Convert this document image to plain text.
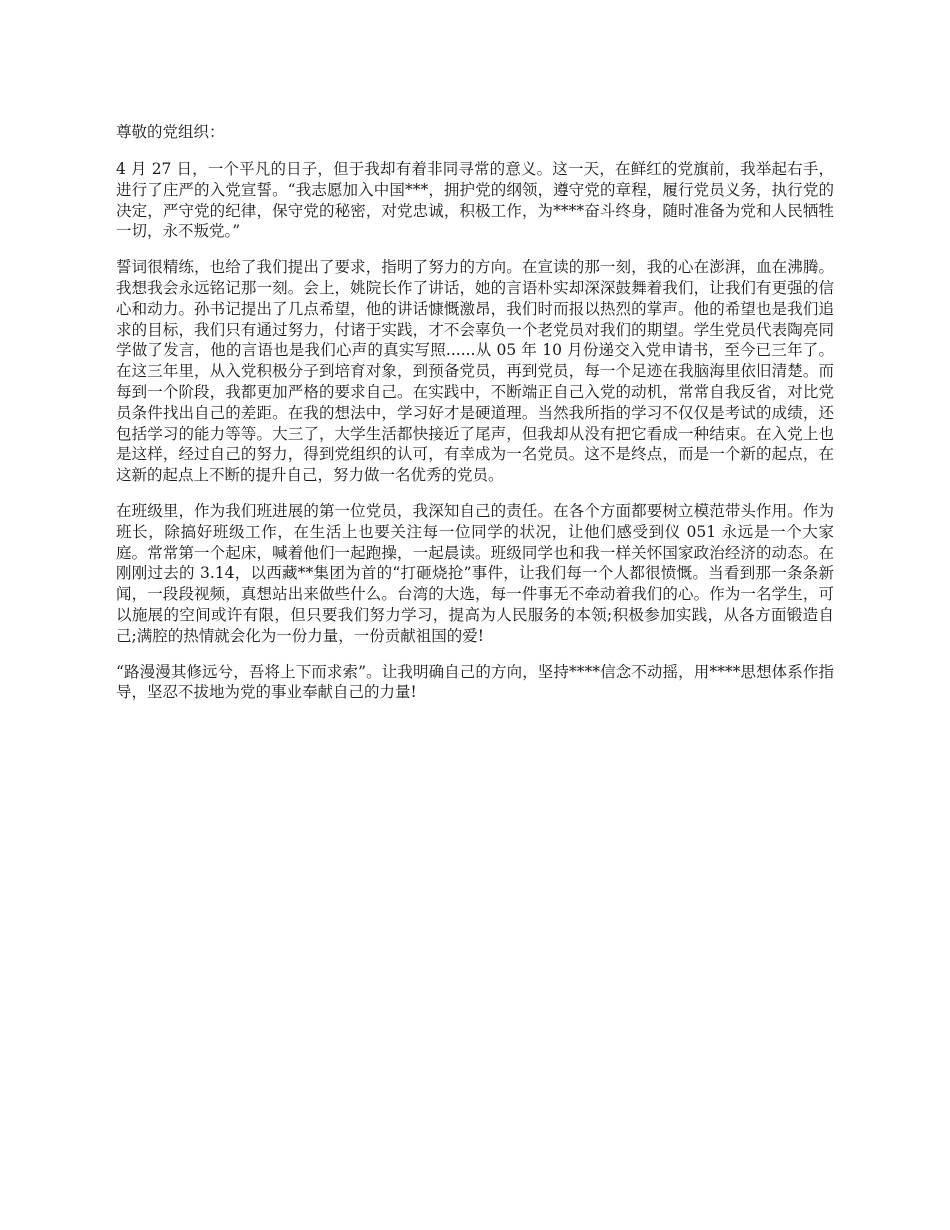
尊敬的党组织：

4 月 27 日，一个平凡的日子，但于我却有着非同寻常的意义。这一天，在鲜红的党旗前，我举起右手，进行了庄严的入党宣誓。“我志愿加入中国***，拥护党的纲领，遵守党的章程，履行党员义务，执行党的决定，严守党的纪律，保守党的秘密，对党忠诚，积极工作，为****奋斗终身，随时准备为党和人民牺牲一切，永不叛党。”

誓词很精练，也给了我们提出了要求，指明了努力的方向。在宣读的那一刻，我的心在澎湃，血在沸腾。我想我会永远铭记那一刻。会上，姚院长作了讲话，她的言语朴实却深深鼓舞着我们，让我们有更强的信心和动力。孙书记提出了几点希望，他的讲话慷慨激昂，我们时而报以热烈的掌声。他的希望也是我们追求的目标，我们只有通过努力，付诸于实践，才不会辜负一个老党员对我们的期望。学生党员代表陶亮同学做了发言，他的言语也是我们心声的真实写照......从 05 年 10 月份递交入党申请书，至今已三年了。在这三年里，从入党积极分子到培育对象，到预备党员，再到党员，每一个足迹在我脑海里依旧清楚。而每到一个阶段，我都更加严格的要求自己。在实践中，不断端正自己入党的动机，常常自我反省，对比党员条件找出自己的差距。在我的想法中，学习好才是硬道理。当然我所指的学习不仅仅是考试的成绩，还包括学习的能力等等。大三了，大学生活都快接近了尾声，但我却从没有把它看成一种结束。在入党上也是这样，经过自己的努力，得到党组织的认可，有幸成为一名党员。这不是终点，而是一个新的起点，在这新的起点上不断的提升自己，努力做一名优秀的党员。

在班级里，作为我们班进展的第一位党员，我深知自己的责任。在各个方面都要树立模范带头作用。作为班长，除搞好班级工作，在生活上也要关注每一位同学的状况，让他们感受到仪 051 永远是一个大家庭。常常第一个起床，喊着他们一起跑操，一起晨读。班级同学也和我一样关怀国家政治经济的动态。在刚刚过去的 3.14，以西藏**集团为首的“打砸烧抢”事件，让我们每一个人都很愤慨。当看到那一条条新闻，一段段视频，真想站出来做些什么。台湾的大选，每一件事无不牵动着我们的心。作为一名学生，可以施展的空间或许有限，但只要我们努力学习，提高为人民服务的本领;积极参加实践，从各方面锻造自己;满腔的热情就会化为一份力量，一份贡献祖国的爱!

“路漫漫其修远兮，吾将上下而求索”。让我明确自己的方向，坚持****信念不动摇，用****思想体系作指导，坚忍不拔地为党的事业奉献自己的力量!
